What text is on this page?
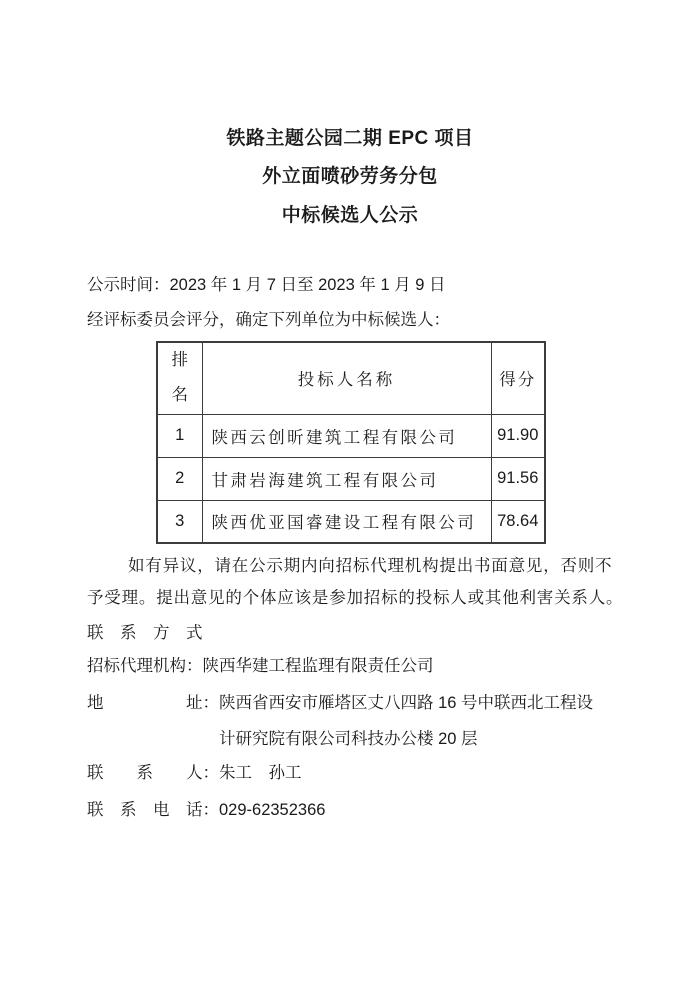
铁路主题公园二期 EPC 项目
外立面喷砂劳务分包
中标候选人公示
公示时间：2023 年 1 月 7 日至 2023 年 1 月 9 日
经评标委员会评分，确定下列单位为中标候选人：
排名	投标人名称	得分
1	陕西云创昕建筑工程有限公司	91.90
2	甘肃岩海建筑工程有限公司	91.56
3	陕西优亚国睿建设工程有限公司	78.64
如有异议，请在公示期内向招标代理机构提出书面意见，否则不
予受理。提出意见的个体应该是参加招标的投标人或其他利害关系人。
联　系　方　式
招标代理机构： 陕西华建工程监理有限责任公司
地　　　　　址： 陕西省西安市雁塔区丈八四路 16 号中联西北工程设
计研究院有限公司科技办公楼 20 层
联　　系　　人： 朱工　孙工
联　系　电　话： 029-62352366
